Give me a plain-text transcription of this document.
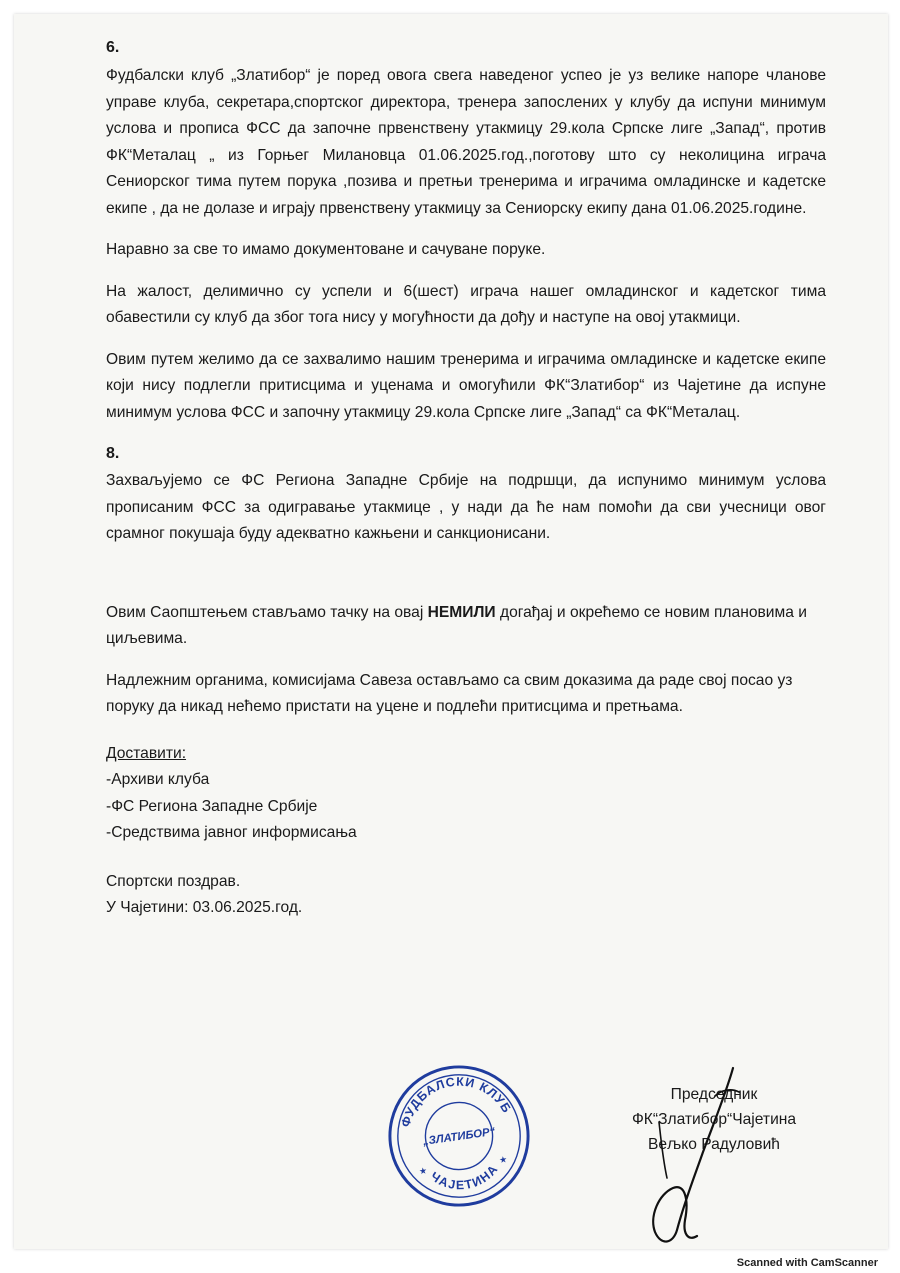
6.

Фудбалски клуб „Златибор“ је поред овога свега наведеног успео је уз велике напоре чланове управе клуба, секретара,спортског директора, тренера запослених у клубу да испуни минимум услова и прописа ФСС да започне првенствену утакмицу 29.кола Српске лиге „Запад“, против ФК“Металац „ из Горњег Милановца 01.06.2025.год.,поготову што су неколицина играча Сениорског тима путем порука ,позива и претњи тренерима и играчима омладинске и кадетске екипе , да не долазе и играју првенствену утакмицу за Сениорску екипу дана 01.06.2025.године.

Наравно за све то имамо документоване и сачуване поруке.

На жалост, делимично су успели и 6(шест) играча нашег омладинског и кадетског тима обавестили су клуб да због тога нису у могућности да дођу и наступе на овој утакмици.

Овим путем желимо да се захвалимо нашим тренерима и играчима омладинске и кадетске екипе који нису подлегли притисцима и уценама и омогућили ФК“Златибор“ из Чајетине да испуне минимум услова ФСС и започну утакмицу 29.кола Српске лиге „Запад“ са ФК“Металац.

8.

Захваљујемо се ФС Региона Западне Србије на подршци, да испунимо минимум услова прописаним ФСС за одигравање утакмице , у нади да ће нам помоћи да сви учесници овог срамног покушаја буду адекватно кажњени и санкционисани.

Овим Саопштењем стављамо тачку на овај НЕМИЛИ догађај и окрећемо се новим плановима и циљевима.

Надлежним органима, комисијама Савеза остављамо са свим доказима да раде свој посао уз поруку да никад нећемо пристати на уцене и подлећи притисцима и претњама.

Доставити:

-Архиви клуба

-ФС Региона Западне Србије

-Средствима јавног информисања

Спортски поздрав.

У Чајетини: 03.06.2025.год.

ФУДБАЛСКИ КЛУБ
ЧАЈЕТИНА
„ЗЛАТИБОР“
★
★

Председник

ФК“Златибор“Чајетина

Вељко Радуловић

Scanned with CamScanner
